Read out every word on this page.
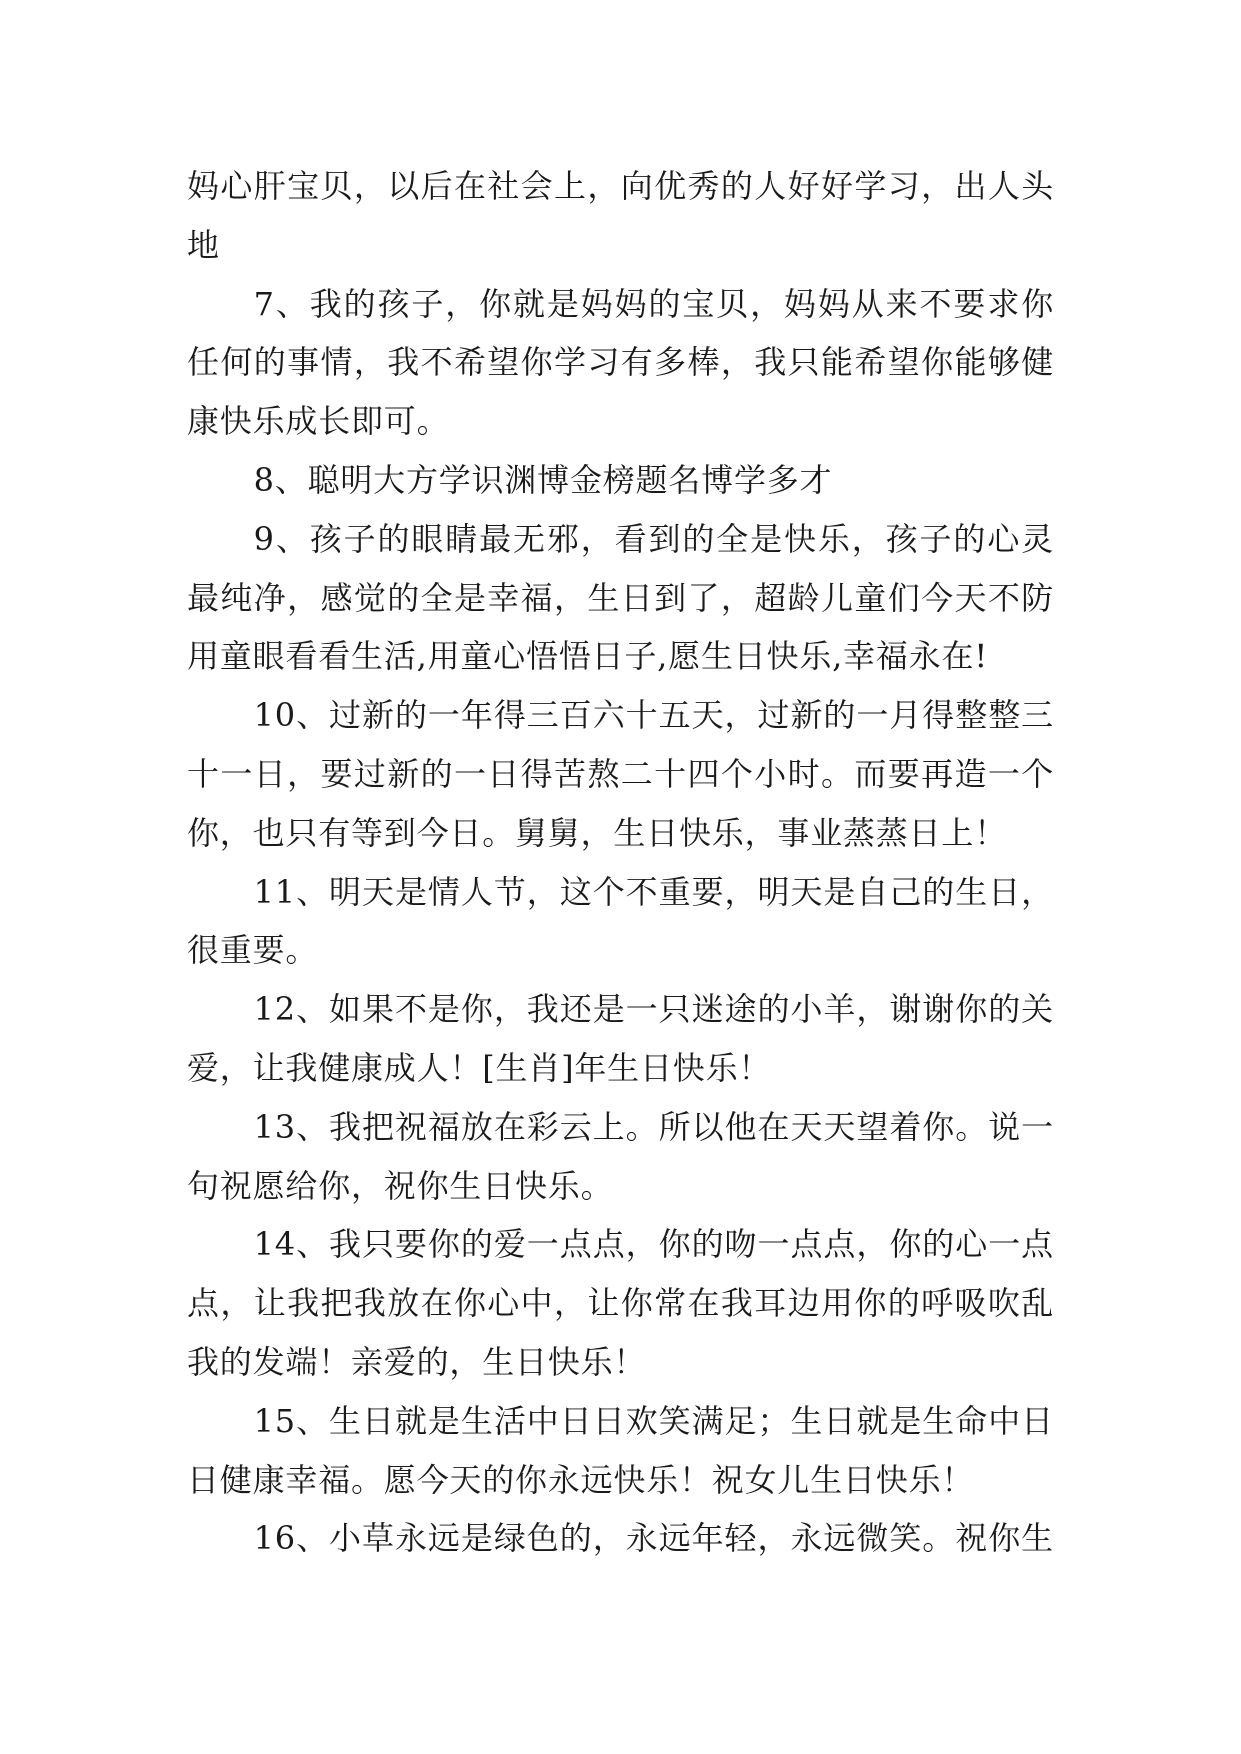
妈心肝宝贝，以后在社会上，向优秀的人好好学习，出人头
地
7、我的孩子，你就是妈妈的宝贝，妈妈从来不要求你
任何的事情，我不希望你学习有多棒，我只能希望你能够健
康快乐成长即可。
8、聪明大方学识渊博金榜题名博学多才
9、孩子的眼睛最无邪，看到的全是快乐，孩子的心灵
最纯净，感觉的全是幸福，生日到了，超龄儿童们今天不防
用童眼看看生活,用童心悟悟日子,愿生日快乐,幸福永在!
10、过新的一年得三百六十五天，过新的一月得整整三
十一日，要过新的一日得苦熬二十四个小时。而要再造一个
你，也只有等到今日。舅舅，生日快乐，事业蒸蒸日上！
11、明天是情人节，这个不重要，明天是自己的生日，
很重要。
12、如果不是你，我还是一只迷途的小羊，谢谢你的关
爱，让我健康成人！[生肖]年生日快乐！
13、我把祝福放在彩云上。所以他在天天望着你。说一
句祝愿给你，祝你生日快乐。
14、我只要你的爱一点点，你的吻一点点，你的心一点
点，让我把我放在你心中，让你常在我耳边用你的呼吸吹乱
我的发端！亲爱的，生日快乐！
15、生日就是生活中日日欢笑满足；生日就是生命中日
日健康幸福。愿今天的你永远快乐！祝女儿生日快乐！
16、小草永远是绿色的，永远年轻，永远微笑。祝你生
